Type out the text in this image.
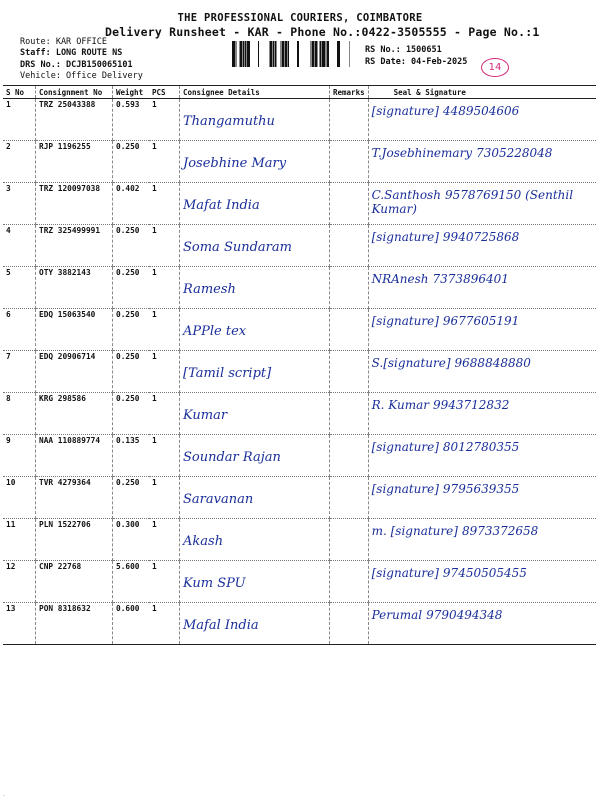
THE PROFESSIONAL COURIERS, COIMBATORE
Delivery Runsheet - KAR - Phone No.:0422-3505555 - Page No.:1
Route: KAR OFFICE
Staff: LONG ROUTE NS
DRS No.: DCJB150065101
Vehicle: Office Delivery
RS No.: 1500651
RS Date: 04-Feb-2025	14
S No	Consignment No	Weight	PCS	Consignee Details	Remarks	Seal & Signature
1	TRZ 25043388	0.593	1	Thangamuthu		[signature] 4489504606

2	RJP 1196255	0.250	1	Josebhine Mary		T.Josebhinemary 7305228048

3	TRZ 120097038	0.402	1	Mafat India		C.Santhosh 9578769150 (Senthil Kumar)

4	TRZ 325499991	0.250	1	Soma Sundaram		[signature] 9940725868

5	OTY 3882143	0.250	1	Ramesh		NRAnesh 7373896401

6	EDQ 15063540	0.250	1	APPle tex		[signature] 9677605191

7	EDQ 20906714	0.250	1	[Tamil script]		S.[signature] 9688848880

8	KRG 298586	0.250	1	Kumar		R. Kumar 9943712832

9	NAA 110889774	0.135	1	Soundar Rajan		[signature] 8012780355

10	TVR 4279364	0.250	1	Saravanan		[signature] 9795639355

11	PLN 1522706	0.300	1	Akash		m. [signature] 8973372658

12	CNP 22768	5.600	1	Kum SPU		[signature] 97450505455

13	PON 8318632	0.600	1	Mafal India		Perumal 9790494348
.
